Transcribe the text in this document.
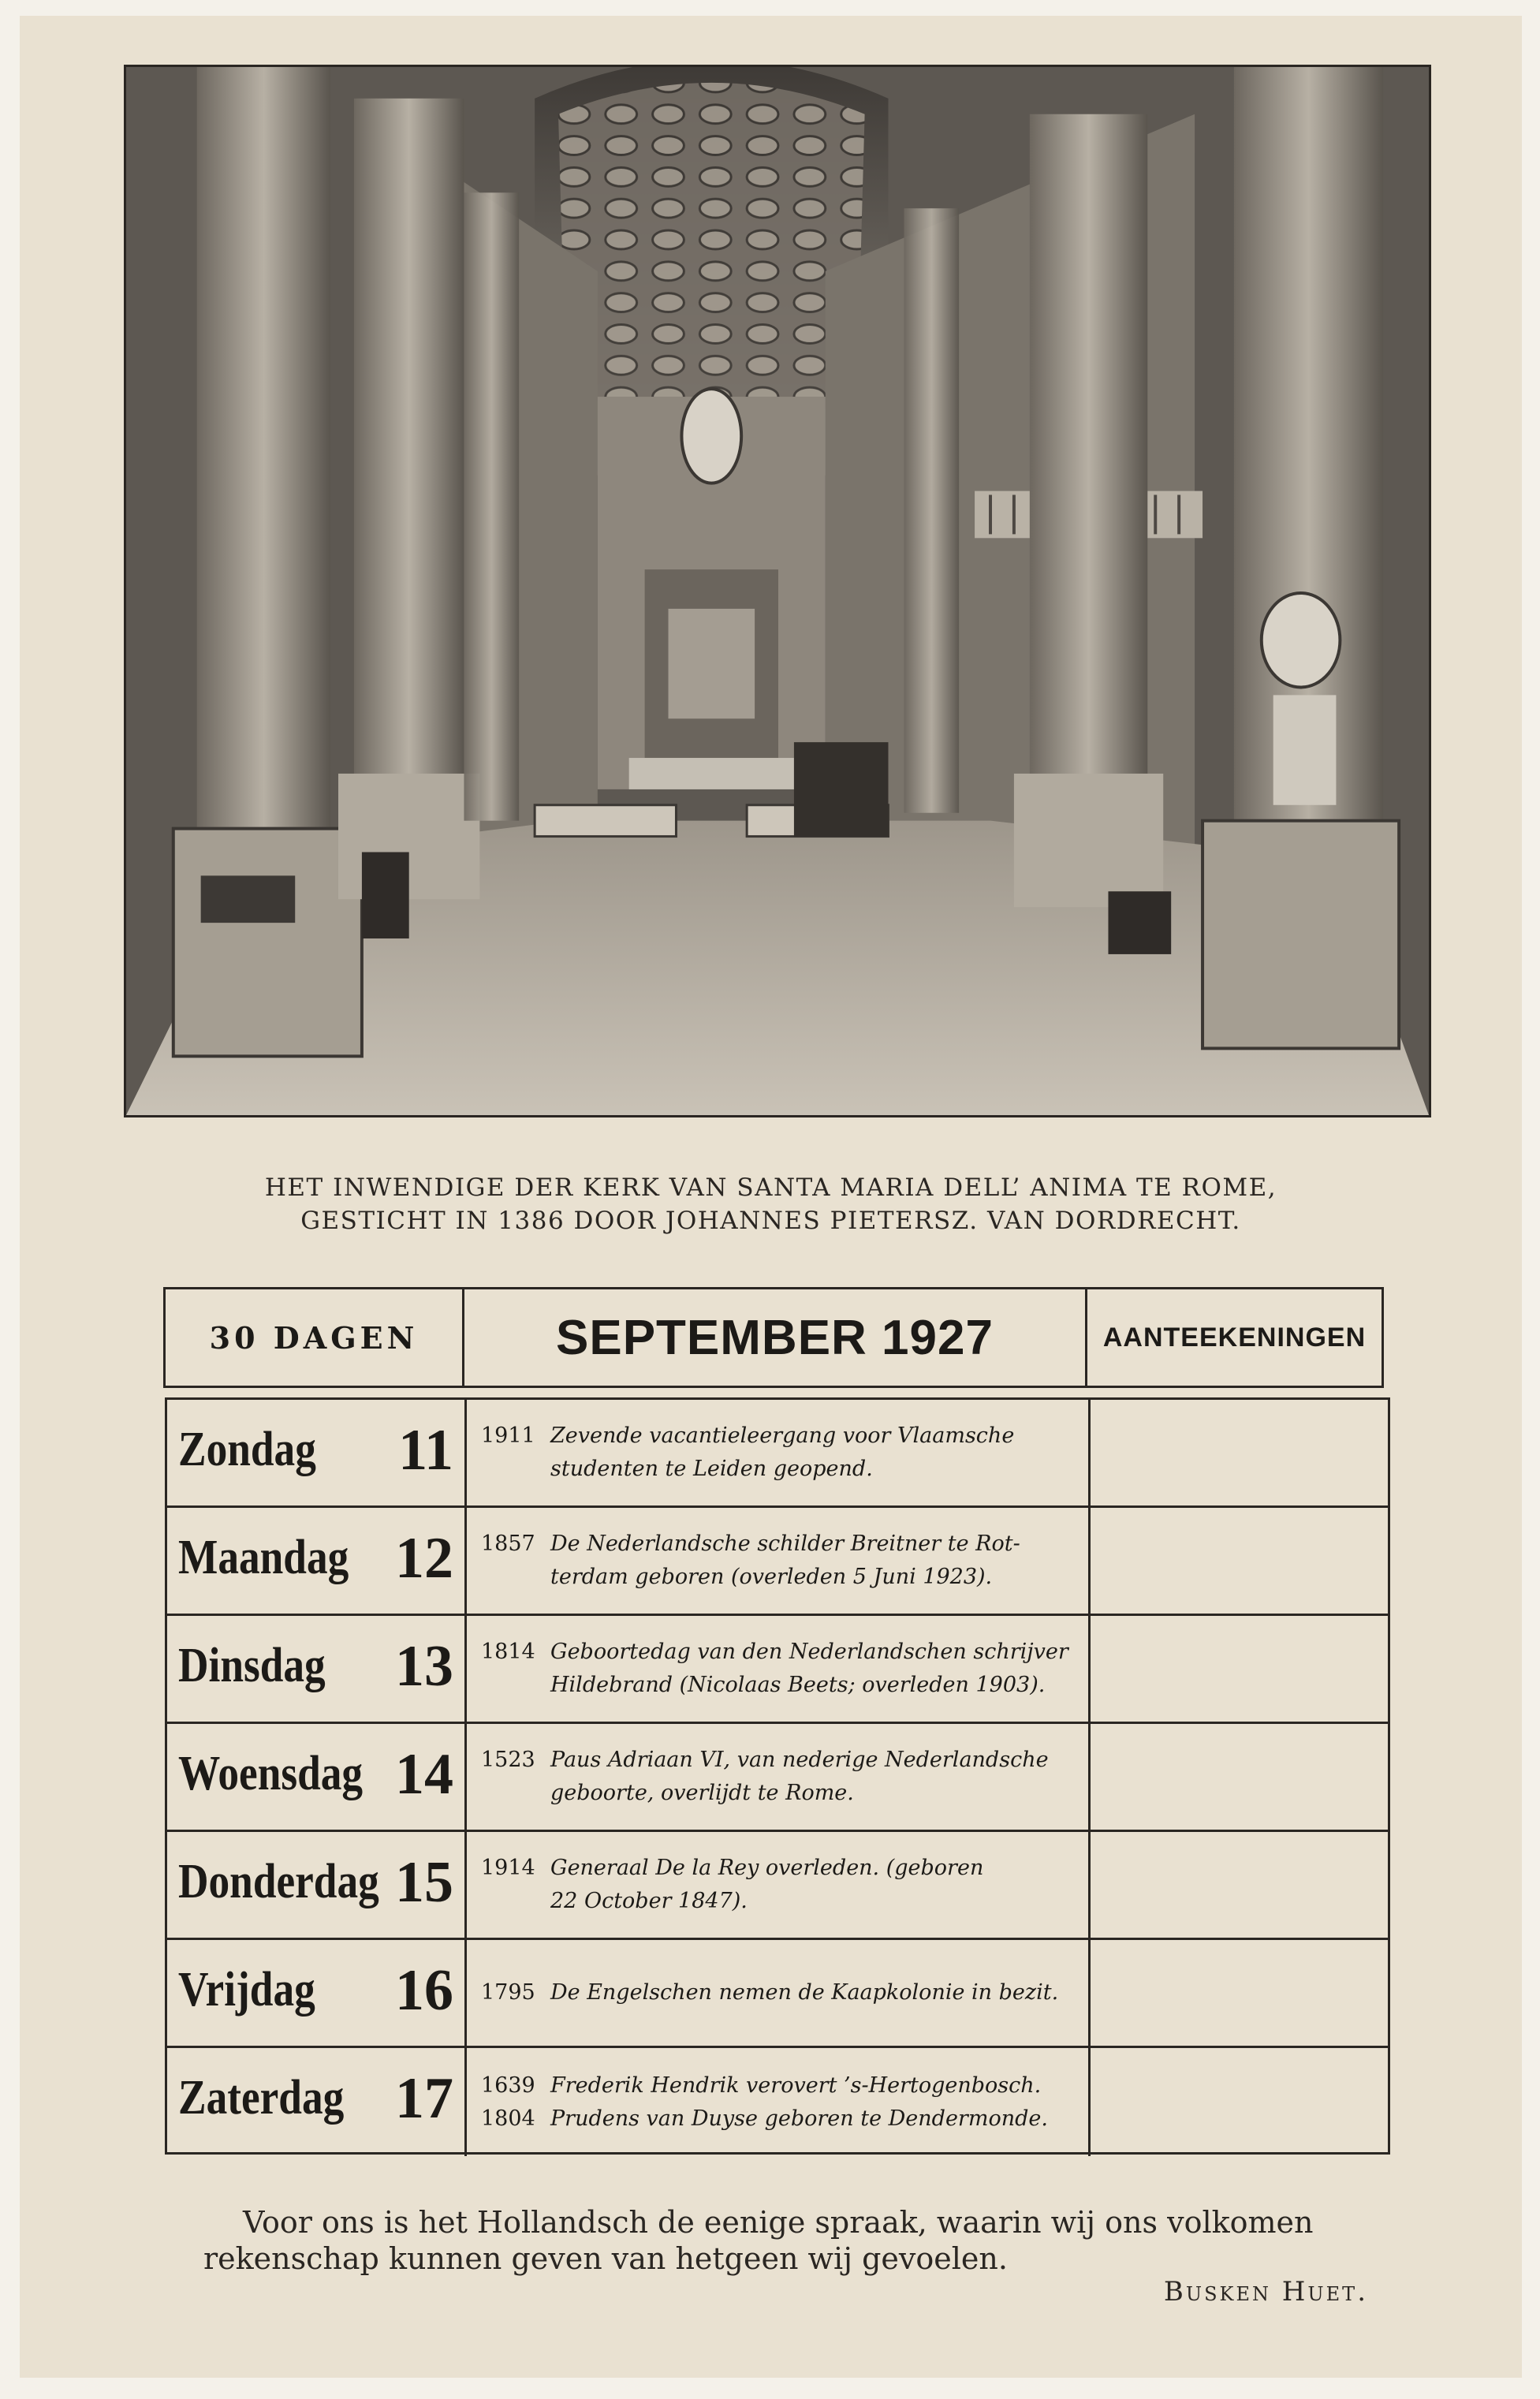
HET INWENDIGE DER KERK VAN SANTA MARIA DELL’ ANIMA TE ROME,
GESTICHT IN 1386 DOOR JOHANNES PIETERSZ. VAN DORDRECHT.
30 DAGEN	SEPTEMBER 1927	AANTEEKENINGEN
Zondag 11 1911 Zevende vacantieleergang voor Vlaamsche
studenten te Leiden geopend.
Maandag 12 1857 De Nederlandsche schilder Breitner te Rot-
terdam geboren (overleden 5 Juni 1923).
Dinsdag 13 1814 Geboortedag van den Nederlandschen schrijver
Hildebrand (Nicolaas Beets; overleden 1903).
Woensdag 14 1523 Paus Adriaan VI, van nederige Nederlandsche
geboorte, overlijdt te Rome.
Donderdag 15 1914 Generaal De la Rey overleden. (geboren
22 October 1847).
Vrijdag 16 1795 De Engelschen nemen de Kaapkolonie in bezit.
Zaterdag 17 1639 Frederik Hendrik verovert ’s-Hertogenbosch.
1804 Prudens van Duyse geboren te Dendermonde.
Voor ons is het Hollandsch de eenige spraak, waarin wij ons volkomen
rekenschap kunnen geven van hetgeen wij gevoelen.
Busken Huet.
